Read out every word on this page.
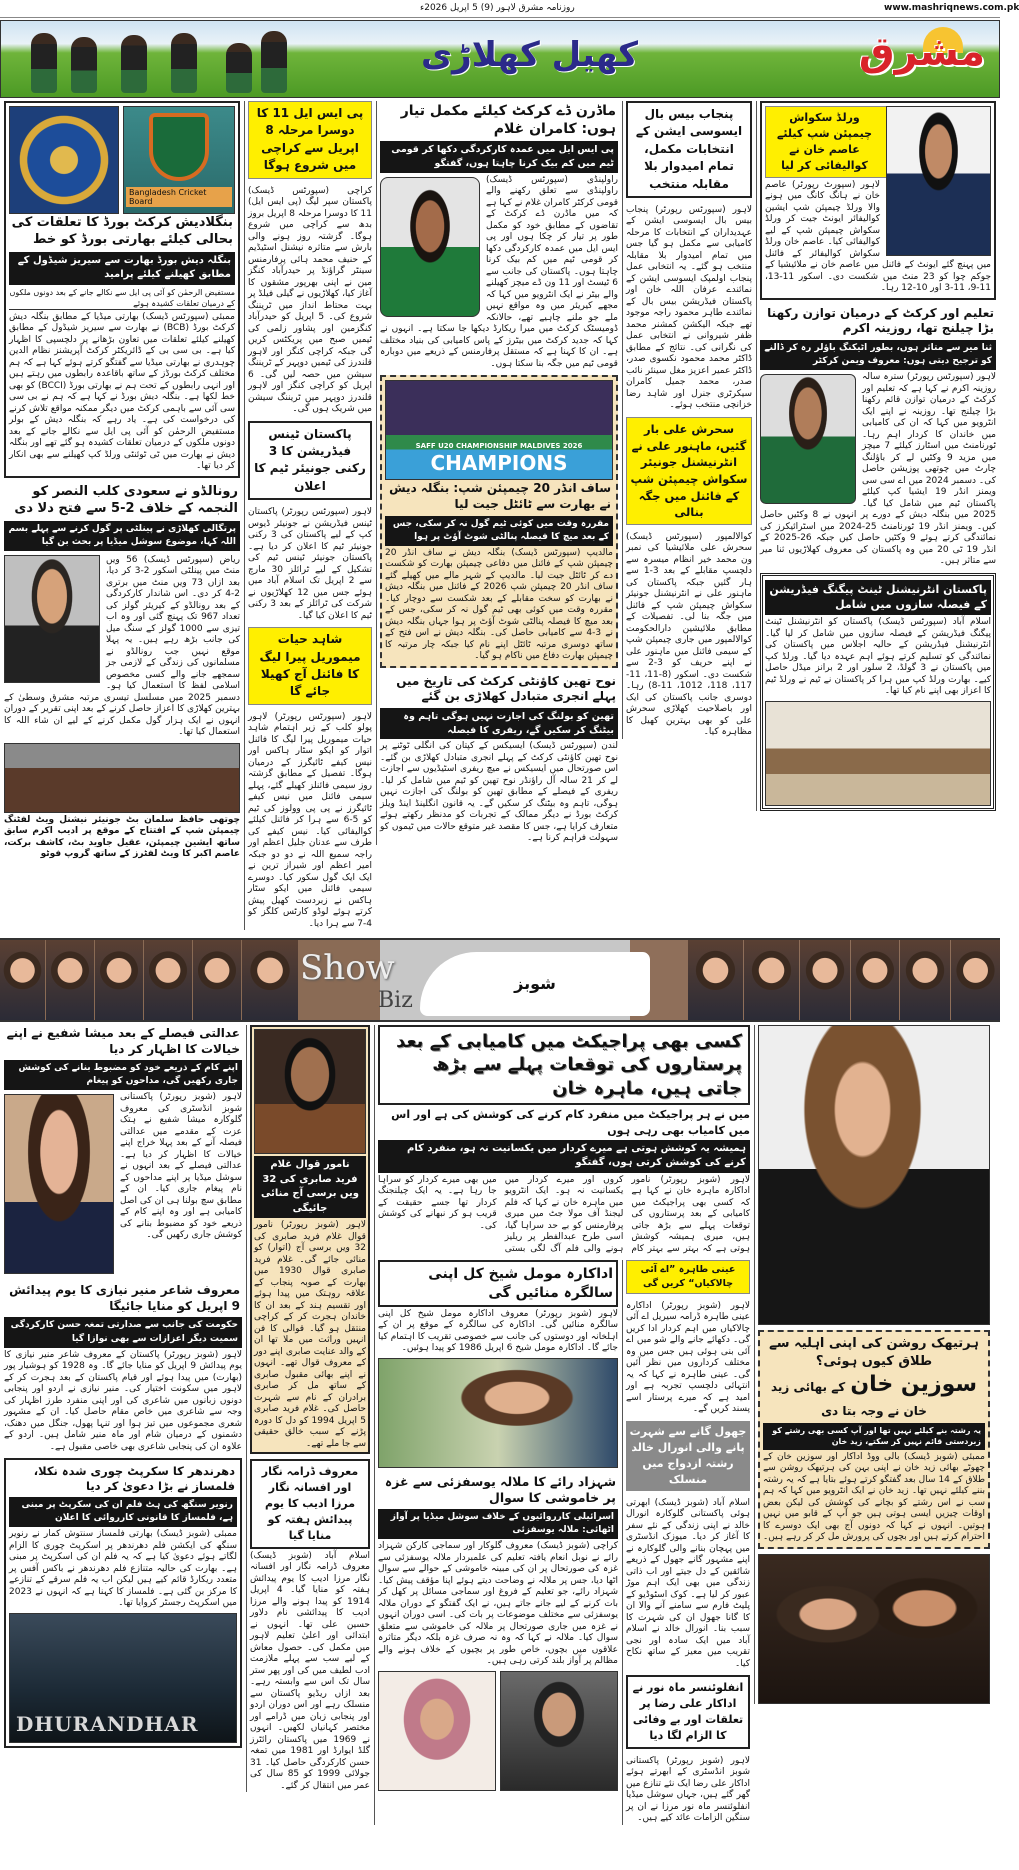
www.mashriqnews.com.pk
روزنامہ مشرق لاہور (9) 5 اپریل 2026ء
کھیل کھلاڑی	مشرق
Bangladesh Cricket Board
بنگلادیش کرکٹ بورڈ کا تعلقات کی بحالی کیلئے بھارتی بورڈ کو خط
بنگلہ دیش بورڈ بھارت سے سیریز شیڈول کے مطابق کھیلنے کیلئے پرامید
مستفیض الرحمٰن کو آئی پی ایل سے نکالے جانے کے بعد دونوں ملکوں کے درمیان تعلقات کشیدہ ہوئے
ممبئی (سپورٹس ڈیسک) بھارتی میڈیا کے مطابق بنگلہ دیش کرکٹ بورڈ (BCB) نے بھارت سے سیریز شیڈول کے مطابق کھیلنے کیلئے تعلقات میں تعاون بڑھانے پر دلچسپی کا اظہار کیا ہے۔ بی سی بی کے ڈائریکٹر کرکٹ آپریشنز نظام الدین چوہدری نے بھارتی میڈیا سے گفتگو کرتے ہوئے کہا ہے کہ ہم مختلف کرکٹ بورڈز کے ساتھ باقاعدہ رابطوں میں رہتے ہیں اور انہی رابطوں کے تحت ہم نے بھارتی بورڈ (BCCI) کو بھی خط لکھا ہے۔ بنگلہ دیش بورڈ نے کہا ہے کہ ہم نے بی سی سی آئی سے باہمی کرکٹ میں دیگر ممکنہ مواقع تلاش کرنے کی درخواست کی ہے۔ یاد رہے کہ بنگلہ دیش کے بولر مستفیض الرحمٰن کو آئی پی ایل سے نکالے جانے کے بعد دونوں ملکوں کے درمیان تعلقات کشیدہ ہو گئے تھے اور بنگلہ دیش نے بھارت میں ٹی ٹوئنٹی ورلڈ کپ کھیلنے سے بھی انکار کر دیا تھا۔
رونالڈو نے سعودی کلب النصر کو النجمہ کے خلاف 2-5 سے فتح دلا دی
پرتگالی کھلاڑی نے پینلٹی پر گول کرنے سے پہلے بسم اللہ کہا، موضوع سوشل میڈیا پر بحث بن گیا
ریاض (سپورٹس ڈیسک) 56 ویں منٹ میں پینلٹی اسکور 2-3 کر دیا، بعد ازاں 73 ویں منٹ میں برتری 2-4 کر دی۔ اس شاندار کارکردگی کے بعد رونالڈو کے کیریئر گولز کی تعداد 967 تک پہنچ گئی اور وہ اب تیزی سے 1000 گولز کے سنگ میل کی جانب بڑھ رہے ہیں۔ یہ پہلا موقع نہیں جب رونالڈو نے مسلمانوں کی زندگی کے لازمی جز سمجھے جانے والے کسی مخصوص اسلامی لفظ کا استعمال کیا ہو۔ دسمبر 2025 میں مسلسل تیسری مرتبہ مشرق وسطیٰ کے بہترین کھلاڑی کا اعزاز حاصل کرنے کے بعد اپنی تقریر کے دوران انہوں نے ایک ہزار گول مکمل کرنے کے لیے ان شاء اللہ کا استعمال کیا تھا۔
چوتھی حافظ سلمان بٹ جونیئر نیشنل ویٹ لفٹنگ چیمپئن شپ کے افتتاح کے موقع پر ادیب اکرم سابق ساتھ ایشین چیمپئن، عقیل جاوید بٹ، کاشف برکت، عاصم اکبر کا ویٹ لفٹرز کے ساتھ گروپ فوٹو
پی ایس ایل 11 کا دوسرا مرحلہ 8 اپریل سے کراچی میں شروع ہوگا
کراچی (سپورٹس ڈیسک) پاکستان سپر لیگ (پی ایس ایل) 11 کا دوسرا مرحلہ 8 اپریل بروز بدھ سے کراچی میں شروع ہوگا۔ گزشتہ روز ہونے والی بارش سے متاثرہ نیشنل اسٹیڈیم کے حنیف محمد ہائی پرفارمنس سینٹر گراؤنڈ پر حیدرآباد کنگز مین نے اپنی بھرپور مشقوں کا آغاز کیا، کھلاڑیوں نے گیلی فیلڈ پر بہت محتاط انداز میں ٹریننگ شروع کی۔ 5 اپریل کو حیدرآباد کنگزمین اور پشاور زلمی کی ٹیمیں صبح میں پریکٹس کریں گی جبکہ کراچی کنگز اور لاہور قلندرز کی ٹیمیں دوپہر کے ٹریننگ سیشن میں حصہ لیں گی۔ 6 اپریل کو کراچی کنگز اور لاہور قلندرز دوپہر میں ٹریننگ سیشن میں شریک ہوں گی۔
پاکستان ٹینس فیڈریشن کا 3 رکنی جونیئر ٹیم کا اعلان
لاہور (سپورٹس رپورٹر) پاکستان ٹینس فیڈریشن نے جونیئر ڈیوس کپ کے لیے پاکستان کی 3 رکنی جونیئر ٹیم کا اعلان کر دیا ہے۔ پاکستان جونیئر ٹینس ٹیم کی تشکیل کے لیے ٹرائلز 30 مارچ سے 2 اپریل تک اسلام آباد میں ہوئے جس میں 12 کھلاڑیوں نے شرکت کی ٹرائلز کے بعد 3 رکنی ٹیم کا اعلان کیا گیا۔
شاہد حیات میموریل پیرا لیگ کا فائنل آج کھیلا جائے گا
لاہور (سپورٹس رپورٹر) لاہور پولو کلب کے زیر اہتمام شاہد حیات میموریل پیرا لیگ کا فائنل اتوار کو ایکو سٹار ہاکس اور نیس کیفے ٹائیگرز کے درمیان ہوگا۔ تفصیل کے مطابق گزشتہ روز سیمی فائنلز کھیلے گئے، پہلے سیمی فائنل میں نیس کیفے ٹائیگرز نے پی پی وولوز کی ٹیم کو 5-6 سے ہرا کر فائنل کیلئے کوالیفائی کیا۔ نیس کیفے کی طرف سے عدنان جلیل اعظم اور راجہ سمیع اللہ نے دو دو جبکہ امیر اعظم اور شیراز ترین نے ایک ایک گول سکور کیا۔ دوسرے سیمی فائنل میں ایکو سٹار ہاکس نے زبردست کھیل پیش کرتے ہوئے لوڈو کارٹس کلگز کو 4-7 سے ہرا دیا۔
ماڈرن ڈے کرکٹ کیلئے مکمل تیار ہوں: کامران غلام
پی ایس ایل میں عمدہ کارکردگی دکھا کر قومی ٹیم میں کم بیک کرنا چاہتا ہوں، گفتگو
راولپنڈی (سپورٹس ڈیسک) راولپنڈی سے تعلق رکھنے والے قومی کرکٹر کامران غلام نے کہا ہے کہ میں ماڈرن ڈے کرکٹ کے تقاضوں کے مطابق خود کو مکمل طور پر تیار کر چکا ہوں اور پی ایس ایل میں عمدہ کارکردگی دکھا کر قومی ٹیم میں کم بیک کرنا چاہتا ہوں۔ پاکستان کی جانب سے 6 ٹیسٹ اور 11 ون ڈے میچز کھیلنے والے بیٹر نے ایک انٹرویو میں کہا کہ مجھے کیریئر میں وہ مواقع نہیں ملے جو ملنے چاہیے تھے، حالانکہ ڈومیسٹک کرکٹ میں میرا ریکارڈ دیکھا جا سکتا ہے۔ انہوں نے کہا کہ جدید کرکٹ میں بیٹرز کے پاس کامیابی کی بنیاد مختلف ہے۔ ان کا کہنا ہے کہ مستقل پرفارمنس کے ذریعے میں دوبارہ قومی ٹیم میں جگہ بنا سکتا ہوں۔
SAFF U20 CHAMPIONSHIP MALDIVES 2026
CHAMPIONS
ساف انڈر 20 چیمپئن شپ: بنگلہ دیش نے بھارت سے ٹائٹل جیت لیا
مقررہ وقت میں کوئی ٹیم گول نہ کر سکی، جس کے بعد میچ کا فیصلہ پنالٹی شوٹ آؤٹ پر ہوا
مالدیپ (سپورٹس ڈیسک) بنگلہ دیش نے ساف انڈر 20 چیمپئن شپ کے فائنل میں دفاعی چیمپئن بھارت کو شکست دے کر ٹائٹل جیت لیا۔ مالدیپ کے شہر مالے میں کھیلے گئے ساف انڈر 20 چیمپئن شپ 2026 کے فائنل میں بنگلہ دیش نے بھارت کو سخت مقابلے کے بعد شکست سے دوچار کیا۔ مقررہ وقت میں کوئی بھی ٹیم گول نہ کر سکی، جس کے بعد میچ کا فیصلہ پنالٹی شوٹ آؤٹ پر ہوا جہاں بنگلہ دیش نے 3-4 سے کامیابی حاصل کی۔ بنگلہ دیش نے اس فتح کے ساتھ دوسری مرتبہ ٹائٹل اپنے نام کیا جبکہ چار مرتبہ کا چیمپئن بھارت دفاع میں ناکام ہو گیا۔
نوح تھین کاؤنٹی کرکٹ کی تاریخ میں پہلے انجری متبادل کھلاڑی بن گئے
تھین کو بولنگ کی اجازت نہیں ہوگی تاہم وہ بیٹنگ کر سکیں گے، ریفری کا فیصلہ
لندن (سپورٹس ڈیسک) ایسیکس کے کپتان کی انگلی ٹوٹنے پر نوح تھین کاؤنٹی کرکٹ کے پہلے انجری متبادل کھلاڑی بن گئے۔ اس صورتحال میں ایسیکس نے میچ ریفری اسٹیڈیوں سے اجازت لے کر 21 سالہ آل راؤنڈر نوح تھین کو ٹیم میں شامل کر لیا۔ ریفری کے فیصلے کے مطابق تھین کو بولنگ کی اجازت نہیں ہوگی، تاہم وہ بیٹنگ کر سکیں گے۔ یہ قانون انگلینڈ اینڈ ویلز کرکٹ بورڈ نے دیگر ممالک کے تجربات کو مدنظر رکھتے ہوئے متعارف کرایا ہے، جس کا مقصد غیر متوقع حالات میں ٹیموں کو سہولت فراہم کرنا ہے۔
پنجاب بیس بال ایسوسی ایشن کے انتخابات مکمل، تمام امیدوار بلا مقابلہ منتخب
لاہور (سپورٹس رپورٹر) پنجاب بیس بال ایسوسی ایشن کے عہدیداران کے انتخابات کا مرحلہ کامیابی سے مکمل ہو گیا جس میں تمام امیدوار بلا مقابلہ منتخب ہو گئے۔ یہ انتخابی عمل پنجاب اولمپک ایسوسی ایشن کے نمائندے عرفان اللہ خان اور پاکستان فیڈریشن بیس بال کے نمائندے طاہر محمود راجہ موجود تھے جبکہ الیکشن کمشنر محمد ظفر شیروانی نے انتخابی عمل کی نگرانی کی۔ نتائج کے مطابق ڈاکٹر محمد محمود نکسوی صدر، ڈاکٹر عمیر اعزیز مغل سینئر نائب صدر، محمد جمیل کامران سیکرٹری جنرل اور شاہد رضا خزانچی منتخب ہوئے۔
سحرش علی بار گئیں، ماہنور علی نے انٹرنیشنل جونیئر سکواش چیمپئن شپ کے فائنل میں جگہ بنالی
کوالالمپور (سپورٹس ڈیسک) سحرش علی ملائیشیا کی نمبر ون محمد خیر انظام میسرہ سے دلچسپ مقابلے کے بعد 3-1 سے ہار گئیں جبکہ پاکستان کی ماہنور علی نے انٹرنیشنل جونیئر سکواش چیمپئن شپ کے فائنل میں جگہ بنا لی۔ تفصیلات کے مطابق ملائیشین دارالحکومت کوالالمپور میں جاری چیمپئن شپ کے سیمی فائنل میں ماہنور علی نے اپنے حریف کو 3-2 سے شکست دی۔ اسکور (8-11، 11-117، 118، 1012، 11-8) رہا۔ دوسری جانب پاکستان کی ایک اور باصلاحیت کھلاڑی سحرش علی کو بھی بہترین کھیل کا مظاہرہ کیا۔
ورلڈ سکواش چیمپئن شپ کیلئے عاصم خان نے کوالیفائی کر لیا
لاہور (سپورٹ رپورٹر) عاصم خان نے ہانگ کانگ میں ہونے والا ورلڈ چیمپئن شپ ایشین کوالیفائر ایونٹ جیت کر ورلڈ سکواش چیمپئن شپ کے لیے کوالیفائی کیا۔ عاصم خان ورلڈ سکواش کوالیفائر کے فائنل میں پہنچ گئے ایونٹ کے فائنل میں عاصم خان نے ملائیشیا کے جوکم چوا کو 23 منٹ میں شکست دی۔ اسکور 11-13، 11-9، 11-3 اور 10-12 رہا۔
تعلیم اور کرکٹ کے درمیان توازن رکھنا بڑا چیلنج تھا، روزینہ اکرم
ثنا میر سے متاثر ہوں، بطور اٹیکنگ باؤلر رہ کر ڈالنے کو ترجیح دیتی ہوں: معروف ویمن کرکٹر
لاہور (سپورٹس رپورٹر) سترہ سالہ روزینہ اکرم نے کہا ہے کہ تعلیم اور کرکٹ کے درمیان توازن قائم رکھنا بڑا چیلنج تھا۔ روزینہ نے اپنے ایک انٹرویو میں کہا کہ ان کی کامیابی میں خاندان کا کردار اہم رہا۔ ٹورنامنٹ میں اسٹارز کیلئے 7 میچز میں مزید 9 وکٹیں لے کر باؤلنگ چارٹ میں چوتھی پوزیشن حاصل کی۔ دسمبر 2024 میں اے سی سی ویمنز انڈر 19 ایشیا کپ کیلئے پاکستان ٹیم میں شامل کیا گیا۔ 2025 میں بنگلہ دیش کے دورے پر انہوں نے 8 وکٹیں حاصل کیں۔ ویمنز انڈر 19 ٹورنامنٹ 25-2024 میں اسٹرائیکرز کی نمائندگی کرتے ہوئے 9 وکٹیں حاصل کیں جبکہ 26-2025 کے انڈر 19 ٹی 20 میں وہ پاکستان کی معروف کھلاڑیوں ثنا میر سے متاثر ہیں۔
پاکستان انٹرنیشنل ٹینٹ پیگنگ فیڈریشن کے فیصلہ سازوں میں شامل
اسلام آباد (سپورٹس ڈیسک) پاکستان کو انٹرنیشنل ٹینٹ پیگنگ فیڈریشن کے فیصلہ سازوں میں شامل کر لیا گیا۔ انٹرنیشنل فیڈریشن کے حالیہ اجلاس میں پاکستان کی نمائندگی کو تسلیم کرتے ہوئے اہم عہدہ دیا گیا۔ ورلڈ کپ میں پاکستان نے 3 گولڈ، 2 سلور اور 2 برانز میڈل حاصل کیے۔ بھارت ورلڈ کپ میں ہرا کر پاکستان نے ٹیم نے ورلڈ ٹیم کا اعزاز بھی اپنے نام کیا تھا۔
Show
Biz
شوبز
عدالتی فیصلے کے بعد میشا شفیع نے اپنے خیالات کا اظہار کر دیا
اپنے کام کے ذریعے خود کو مضبوط بنانے کی کوشش جاری رکھیں گی، مداحوں کو پیغام
لاہور (شوبز رپورٹر) پاکستانی شوبز انڈسٹری کی معروف گلوکارہ میشا شفیع نے ہتک عزت کے مقدمے میں عدالتی فیصلہ آنے کے بعد پہلا خراج اپنے خیالات کا اظہار کر دیا ہے۔ عدالتی فیصلے کے بعد انہوں نے سوشل میڈیا پر اپنے مداحوں کے نام پیغام جاری کیا۔ ان کے مطابق سچ بولنا ہی ان کی اصل کامیابی ہے اور وہ اپنے کام کے ذریعے خود کو مضبوط بنانے کی کوشش جاری رکھیں گی۔
معروف شاعر منیر نیازی کا یوم پیدائش 9 اپریل کو منایا جائیگا
حکومت کی جانب سے صدارتی تمغہ حسن کارکردگی سمیت دیگر اعزازات سے بھی نوازا گیا
لاہور (شوبز رپورٹر) پاکستان کے معروف شاعر منیر نیازی کا یوم پیدائش 9 اپریل کو منایا جائے گا۔ وہ 1928 کو ہوشیار پور (بھارت) میں پیدا ہوئے اور قیام پاکستان کے بعد ہجرت کر کے لاہور میں سکونت اختیار کی۔ منیر نیازی نے اردو اور پنجابی دونوں زبانوں میں شاعری کی اور اپنی منفرد طرز اظہار کی وجہ سے شاعری میں خاص مقام حاصل کیا۔ ان کے مشہور شعری مجموعوں میں تیز ہوا اور تنہا پھول، جنگل میں دھنک، دشمنوں کے درمیان شام اور ماہ منیر شامل ہیں۔ اردو کے علاوہ ان کی پنجابی شاعری بھی خاصی مقبول ہے۔
دھرندھر کا سکرپٹ چوری شدہ نکلا، فلمساز نے بڑا دعویٰ کر دیا
رنویر سنگھ کی ہٹ فلم ان کی سکرپٹ پر مبنی ہے، فلمساز کا قانونی کارروائی کا اعلان
ممبئی (شوبز ڈیسک) بھارتی فلمساز سنتوش کمار نے رنویر سنگھ کی ایکشن فلم دھرندھر پر اسکرپٹ چوری کا الزام لگاتے ہوئے دعویٰ کیا ہے کہ یہ فلم ان کی اسکرپٹ پر مبنی ہے۔ بھارت کی حالیہ متنازع فلم دھرندھر نے باکس آفس پر متعدد ریکارڈ قائم کیے ہیں لیکن اب یہ فلم سرقے کے تنازعے کا مرکز بن گئی ہے۔ فلمساز کا کہنا ہے کہ انہوں نے 2023 میں اسکرپٹ رجسٹر کروایا تھا۔
DHURANDHAR
نامور قوال غلام فرید صابری کی 32 ویں برسی آج منائی جائیگی
لاہور (شوبز رپورٹر) نامور قوال غلام فرید صابری کی 32 ویں برسی آج (اتوار) کو منائی جائے گی۔ غلام فرید صابری قوال 1930 میں بھارت کے صوبہ پنجاب کے علاقہ روہتک میں پیدا ہوئے اور تقسیم ہند کے بعد ان کا خاندان ہجرت کر کے کراچی منتقل ہو گیا۔ قوالی کا فن انہیں وراثت میں ملا تھا ان کے والد عنایت صابری اپنے دور کے معروف قوال تھے۔ انہوں نے اپنے بھائی مقبول صابری کے ساتھ مل کر صابری برادران کے نام سے شہرت حاصل کی۔ غلام فرید صابری 5 اپریل 1994 کو دل کا دورہ پڑنے کے سبب خالق حقیقی سے جا ملے تھے۔
معروف ڈرامہ نگار اور افسانہ نگار مرزا ادیب کا یوم پیدائش ہفتہ کو منایا گیا
اسلام آباد (شوبز ڈیسک) معروف ڈرامہ نگار اور افسانہ نگار مرزا ادیب کا یوم پیدائش ہفتہ کو منایا گیا۔ 4 اپریل 1914 کو پیدا ہونے والے مرزا ادیب کا پیدائشی نام دلاور حسین علی تھا۔ انہوں نے ابتدائی اور اعلیٰ تعلیم لاہور میں مکمل کی۔ حصول معاش کے لیے سب سے پہلے ملازمت ادب لطیف میں کی اور پھر ستر سال تک اس سے وابستہ رہے۔ بعد ازاں ریڈیو پاکستان سے منسلک رہے اور اس دوران اردو اور پنجابی زبان میں ڈرامے اور مختصر کہانیاں لکھیں۔ انہوں نے 1969 میں پاکستان رائٹرز گلڈ ایوارڈ اور 1981 میں تمغہ حسن کارکردگی حاصل کیا۔ 31 جولائی 1999 کو 85 سال کی عمر میں انتقال کر گئے۔
کسی بھی پراجیکٹ میں کامیابی کے بعد پرستاروں کی توقعات پہلے سے بڑھ جاتی ہیں، ماہرہ خان
میں نے ہر پراجیکٹ میں منفرد کام کرنے کی کوشش کی ہے اور اس میں کامیاب بھی رہی ہوں
ہمیشہ یہ کوشش ہوتی ہے میرے کردار میں یکسانیت نہ ہو، منفرد کام کرنے کی کوشش کرتی ہوں، گفتگو
لاہور (شوبز رپورٹر) نامور اداکارہ ماہرہ خان نے کہا ہے کہ کسی بھی پراجیکٹ میں کامیابی کے بعد پرستاروں کی توقعات پہلے سے بڑھ جاتی ہیں، میری ہمیشہ کوشش ہوتی ہے کہ بہتر سے بہتر کام کروں اور میرے کردار میں یکسانیت نہ ہو۔ ایک انٹرویو میں ماہرہ خان نے کہا کہ فلم لیجنڈ آف مولا جٹ میں میری پرفارمنس کو بے حد سراہا گیا، اسی طرح عبدالفطر پر ریلیز ہونے والی فلم آگ لگی بستی میں بھی میرے کردار کو سراہا جا رہا ہے۔ یہ ایک چیلنجنگ کردار تھا جسے حقیقت کے قریب ہو کر نبھانے کی کوشش کی۔
اداکارہ مومل شیخ کل اپنی سالگرہ منائیں گی
لاہور (شوبز رپورٹر) معروف اداکارہ مومل شیخ کل اپنی سالگرہ منائیں گی۔ اداکارہ کی سالگرہ کے موقع پر ان کے اہلخانہ اور دوستوں کی جانب سے خصوصی تقریب کا اہتمام کیا جائے گا۔ اداکارہ مومل شیخ 6 اپریل 1986 کو پیدا ہوئیں۔
شہزاد رائے کا ملالہ یوسفزئی سے غزہ پر خاموشی کا سوال
اسرائیلی کارروائیوں کے خلاف سوشل میڈیا پر آواز اٹھائی: ملالہ یوسفزئی
کراچی (شوبز ڈیسک) معروف گلوکار اور سماجی کارکن شہزاد رائے نے نوبل انعام یافتہ تعلیم کی علمبردار ملالہ یوسفزئی سے غزہ کی صورتحال پر ان کی مبینہ خاموشی کے حوالے سے سوال اٹھا دیا، جس پر ملالہ نے وضاحت دیتے ہوئے اپنا مؤقف پیش کیا۔ شہزاد رائے، جو تعلیم کے فروغ اور سماجی مسائل پر کھل کر بات کرنے کے لیے جانے جاتے ہیں، نے ایک گفتگو کے دوران ملالہ یوسفزئی سے مختلف موضوعات پر بات کی۔ اسی دوران انہوں نے غزہ میں جاری صورتحال پر ملالہ کی خاموشی سے متعلق سوال کیا۔ ملالہ نے کہا کہ وہ نہ صرف غزہ بلکہ دیگر متاثرہ علاقوں میں بچوں، خاص طور پر بچیوں کے خلاف ہونے والے مظالم پر آواز بلند کرتی رہی ہیں۔
عینی طاہرہ ”اے آئی چالاکیاں“ کریں گی
لاہور (شوبز رپورٹر) اداکارہ عینی طاہرہ ڈرامہ سیریل اے آئی چالاکیاں میں اہم کردار ادا کریں گی۔ دکھائے جانے والے شو میں اے آئی بنی ہوئی ہیں جس میں وہ مختلف کرداروں میں نظر آئیں گی۔ عینی طاہرہ نے کہا کہ یہ انتہائی دلچسپ تجربہ ہے اور امید ہے کہ میرے پرستار اسے پسند کریں گے۔
جھول گانے سے شہرت پانے والی انورال خالد رشتہ ازدواج میں منسلک
اسلام آباد (شوبز ڈیسک) ابھرتی ہوئی پاکستانی گلوکارہ انورال خالد نے اپنی زندگی کے نئے سفر کا آغاز کر دیا۔ میوزک انڈسٹری میں پہچان بنانے والی گلوکارہ نے اپنے مشہور گانے جھول کے ذریعے شائقین کے دل جیتے اور اب ذاتی زندگی میں بھی ایک اہم موڑ عبور کر لیا ہے۔ کوک اسٹوڈیو کے پلیٹ فارم سے سامنے آنے والا ان کا گانا جھول ان کی شہرت کا سبب بنا۔ انورال خالد نے اسلام آباد میں ایک سادہ اور نجی تقریب میں معیز کے ساتھ نکاح کیا۔
انفلوئنسر ماہ نور نے اداکار علی رضا پر تعلقات اور بے وفائی کا الزام لگا دیا
لاہور (شوبز رپورٹر) پاکستانی شوبز انڈسٹری کے ابھرتے ہوئے اداکار علی رضا ایک نئے تنازع میں گھر گئے ہیں، جہاں سوشل میڈیا انفلوئنسر ماہ نور مرزا نے ان پر سنگین الزامات عائد کیے ہیں۔
ہرتیھک روشن کی اپنی اہلیہ سے طلاق کیوں ہوئی؟
سوزین خان کے بھائی زید خان نے وجہ بتا دی
یہ رشتہ بنے کیلئے نہیں تھا اور آپ کسی بھی رشتے کو زبردستی قائم نہیں کر سکتے، زید خان
ممبئی (شوبز ڈیسک) بالی ووڈ اداکار اور سوزین خان کے چھوٹے بھائی زید خان نے اپنی بہن کی ہرتیھک روشن سے طلاق کے 14 سال بعد گفتگو کرتے ہوئے بتایا ہے کہ یہ رشتہ بننے کیلئے نہیں تھا۔ زید خان نے ایک انٹرویو میں کہا کہ ہم سب نے اس رشتے کو بچانے کی کوشش کی لیکن بعض اوقات چیزیں ایسی ہوتی ہیں جو آپ کے قابو میں نہیں ہوتیں۔ انہوں نے کہا کہ دونوں آج بھی ایک دوسرے کا احترام کرتے ہیں اور بچوں کی پرورش مل کر کر رہے ہیں۔
